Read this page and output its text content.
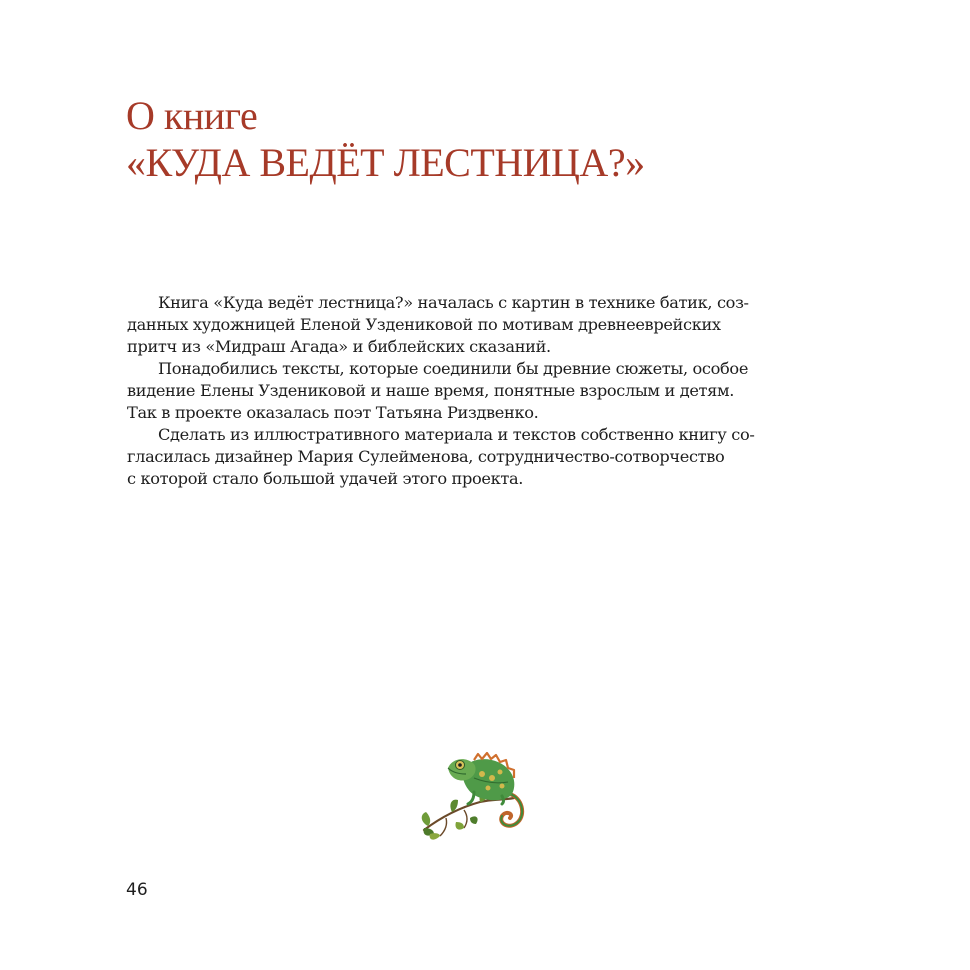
О книге
«КУДА ВЕДЁТ ЛЕСТНИЦА?»
Книга «Куда ведёт лестница?» началась с картин в технике батик, соз-
данных художницей Еленой Узденикoвой по мотивам древнееврейских
притч из «Мидраш Агада» и библейских сказаний.
Понадобились тексты, которые соединили бы древние сюжеты, особое
видение Елены Узденикoвой и наше время, понятные взрослым и детям.
Так в проекте оказалась поэт Татьяна Риздвенко.
Сделать из иллюстративного материала и текстов собственно книгу со-
гласилась дизайнер Мария Сулейменова, сотрудничество-сотворчество
с которой стало большой удачей этого проекта.
46
